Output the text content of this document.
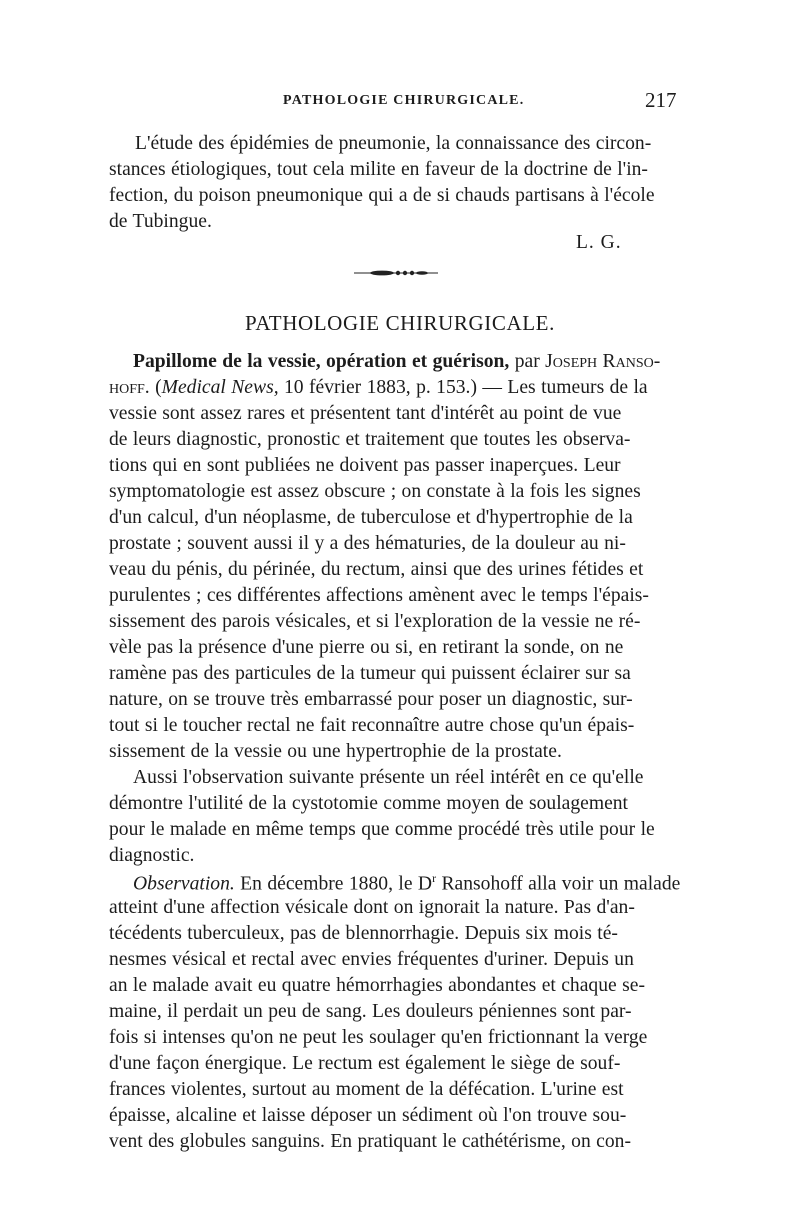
PATHOLOGIE CHIRURGICALE.	217
L'étude des épidémies de pneumonie, la connaissance des circon-
stances étiologiques, tout cela milite en faveur de la doctrine de l'in-
fection, du poison pneumonique qui a de si chauds partisans à l'école
de Tubingue.
L. G.
PATHOLOGIE CHIRURGICALE.
Papillome de la vessie, opération et guérison, par Joseph Ranso-
hoff. (Medical News, 10 février 1883, p. 153.) — Les tumeurs de la
vessie sont assez rares et présentent tant d'intérêt au point de vue
de leurs diagnostic, pronostic et traitement que toutes les observa-
tions qui en sont publiées ne doivent pas passer inaperçues. Leur
symptomatologie est assez obscure ; on constate à la fois les signes
d'un calcul, d'un néoplasme, de tuberculose et d'hypertrophie de la
prostate ; souvent aussi il y a des hématuries, de la douleur au ni-
veau du pénis, du périnée, du rectum, ainsi que des urines fétides et
purulentes ; ces différentes affections amènent avec le temps l'épais-
sissement des parois vésicales, et si l'exploration de la vessie ne ré-
vèle pas la présence d'une pierre ou si, en retirant la sonde, on ne
ramène pas des particules de la tumeur qui puissent éclairer sur sa
nature, on se trouve très embarrassé pour poser un diagnostic, sur-
tout si le toucher rectal ne fait reconnaître autre chose qu'un épais-
sissement de la vessie ou une hypertrophie de la prostate.
Aussi l'observation suivante présente un réel intérêt en ce qu'elle
démontre l'utilité de la cystotomie comme moyen de soulagement
pour le malade en même temps que comme procédé très utile pour le
diagnostic.
Observation. En décembre 1880, le $D^r$ Ransohoff alla voir un malade
atteint d'une affection vésicale dont on ignorait la nature. Pas d'an-
técédents tuberculeux, pas de blennorrhagie. Depuis six mois té-
nesmes vésical et rectal avec envies fréquentes d'uriner. Depuis un
an le malade avait eu quatre hémorrhagies abondantes et chaque se-
maine, il perdait un peu de sang. Les douleurs péniennes sont par-
fois si intenses qu'on ne peut les soulager qu'en frictionnant la verge
d'une façon énergique. Le rectum est également le siège de souf-
frances violentes, surtout au moment de la défécation. L'urine est
épaisse, alcaline et laisse déposer un sédiment où l'on trouve sou-
vent des globules sanguins. En pratiquant le cathétérisme, on con-
